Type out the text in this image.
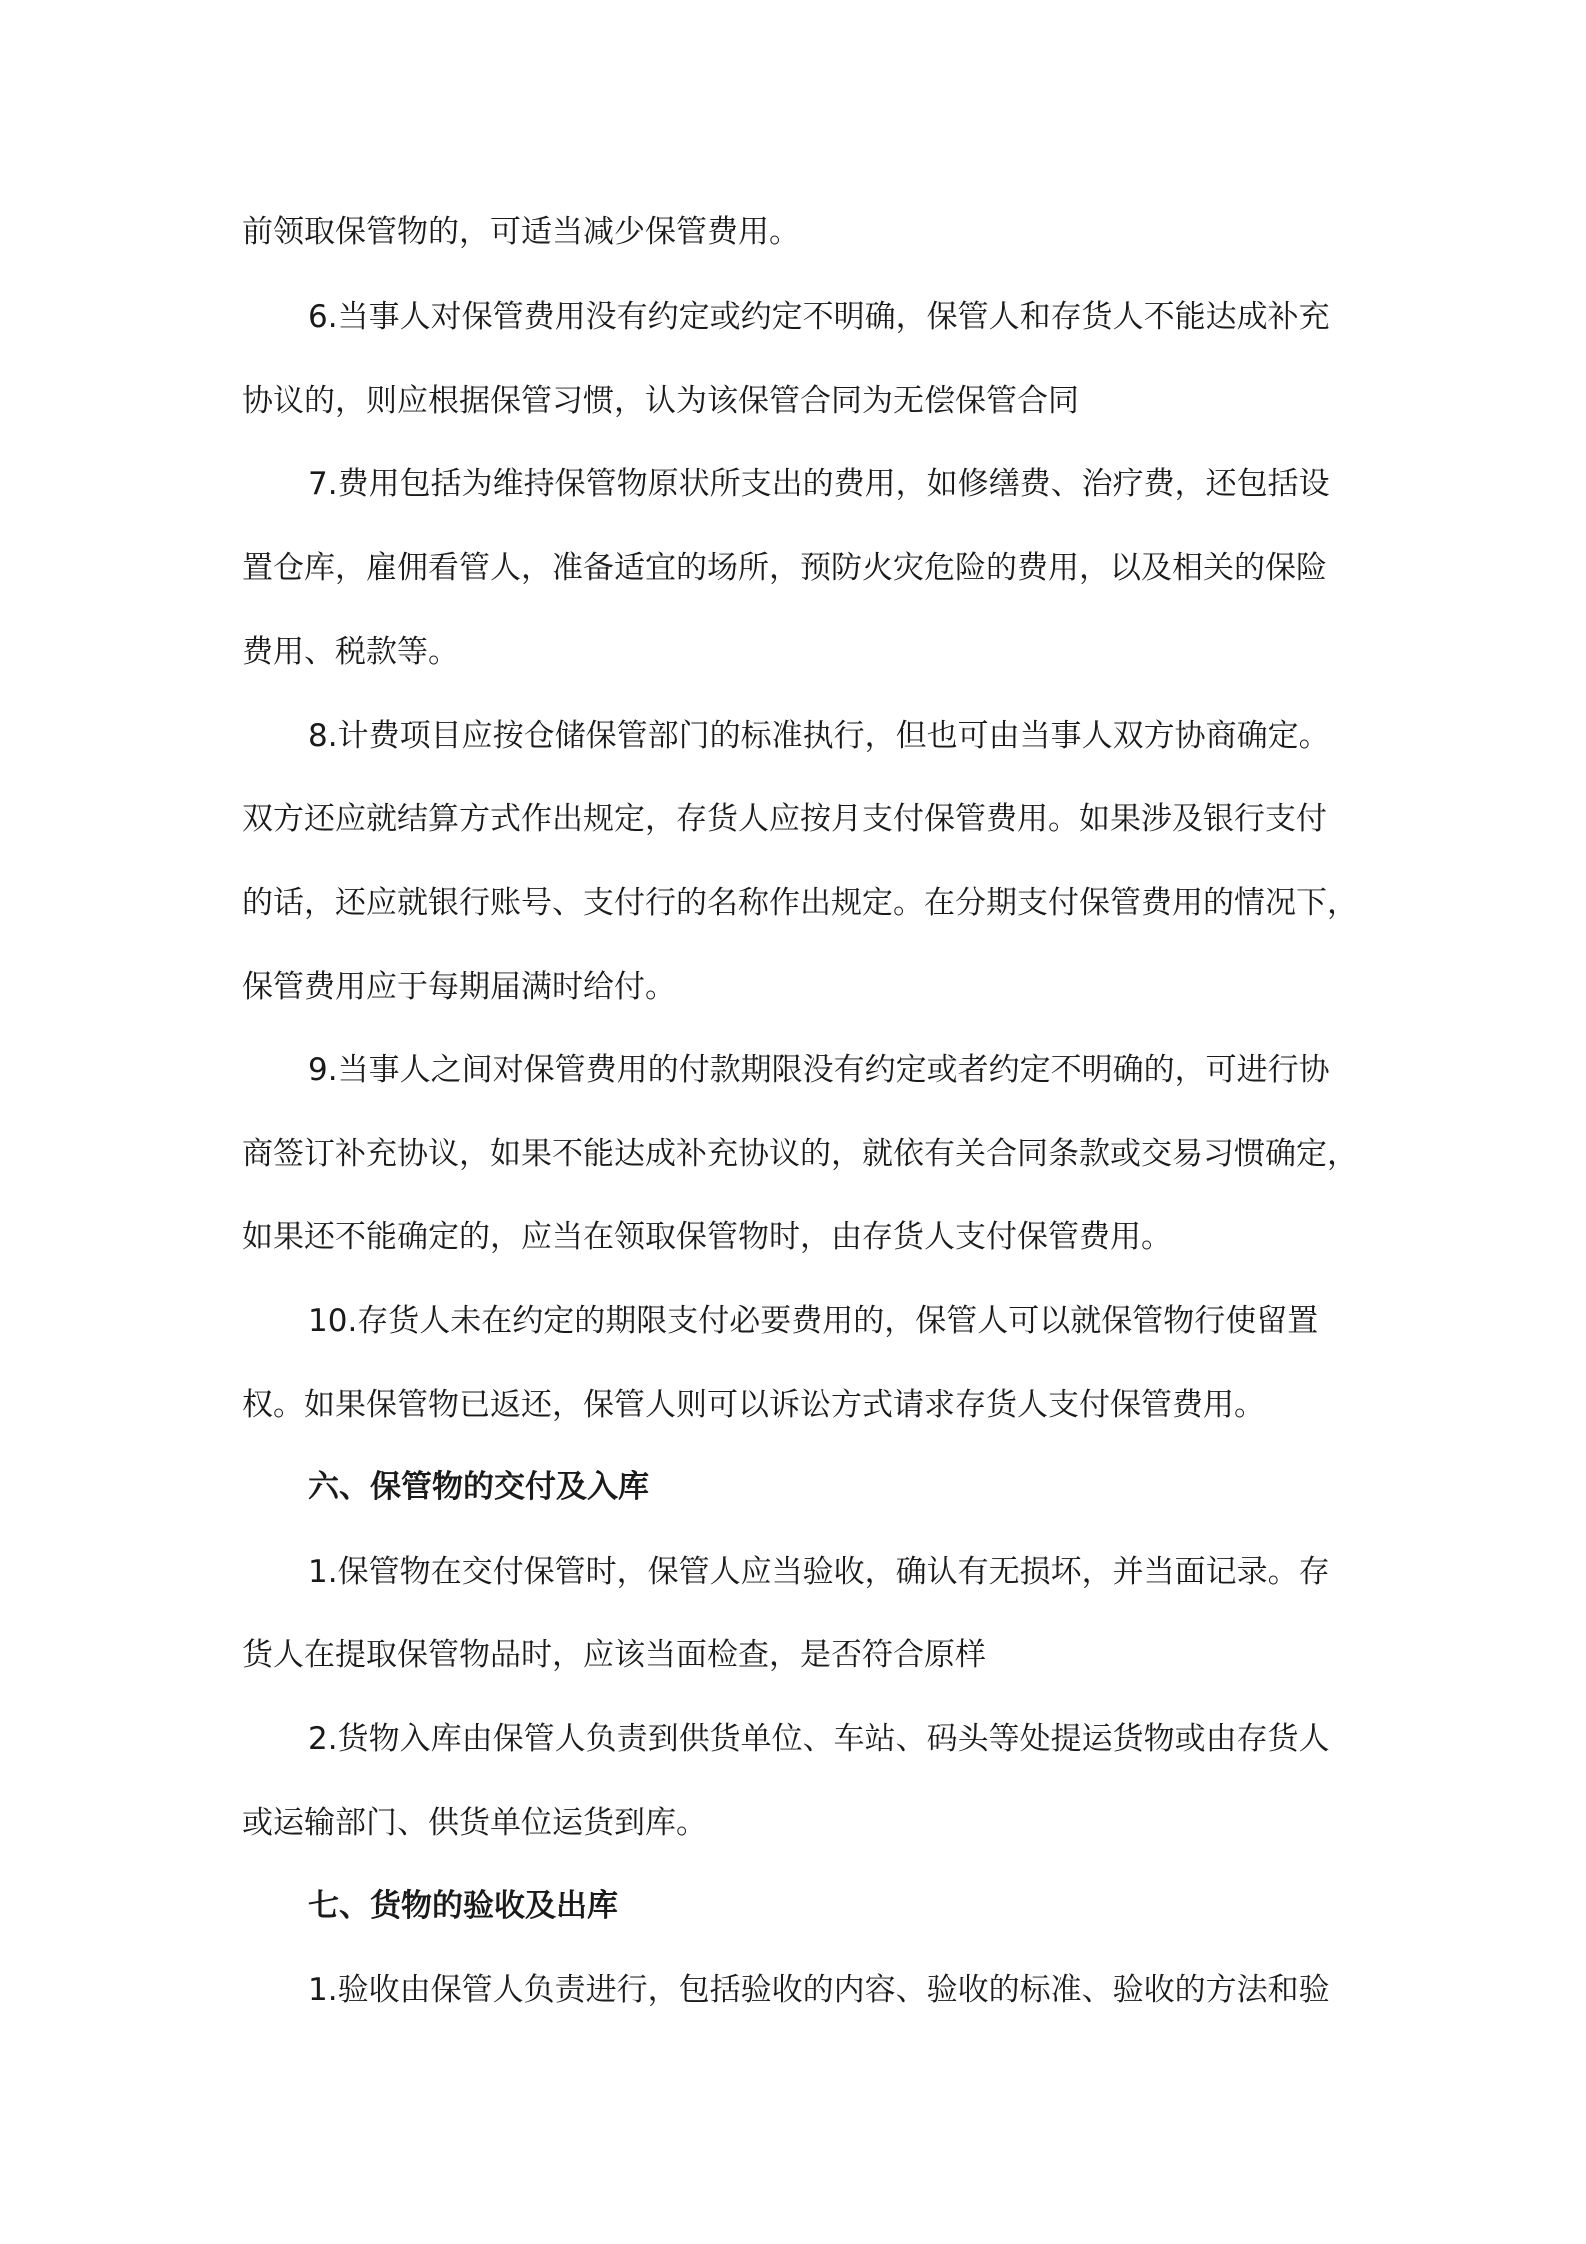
前领取保管物的，可适当减少保管费用。

6.当事人对保管费用没有约定或约定不明确，保管人和存货人不能达成补充

协议的，则应根据保管习惯，认为该保管合同为无偿保管合同

7.费用包括为维持保管物原状所支出的费用，如修缮费、治疗费，还包括设

置仓库，雇佣看管人，准备适宜的场所，预防火灾危险的费用，以及相关的保险

费用、税款等。

8.计费项目应按仓储保管部门的标准执行，但也可由当事人双方协商确定。

双方还应就结算方式作出规定，存货人应按月支付保管费用。如果涉及银行支付

的话，还应就银行账号、支付行的名称作出规定。在分期支付保管费用的情况下，

保管费用应于每期届满时给付。

9.当事人之间对保管费用的付款期限没有约定或者约定不明确的，可进行协

商签订补充协议，如果不能达成补充协议的，就依有关合同条款或交易习惯确定，

如果还不能确定的，应当在领取保管物时，由存货人支付保管费用。

10.存货人未在约定的期限支付必要费用的，保管人可以就保管物行使留置

权。如果保管物已返还，保管人则可以诉讼方式请求存货人支付保管费用。

六、保管物的交付及入库

1.保管物在交付保管时，保管人应当验收，确认有无损坏，并当面记录。存

货人在提取保管物品时，应该当面检查，是否符合原样

2.货物入库由保管人负责到供货单位、车站、码头等处提运货物或由存货人

或运输部门、供货单位运货到库。

七、货物的验收及出库

1.验收由保管人负责进行，包括验收的内容、验收的标准、验收的方法和验
